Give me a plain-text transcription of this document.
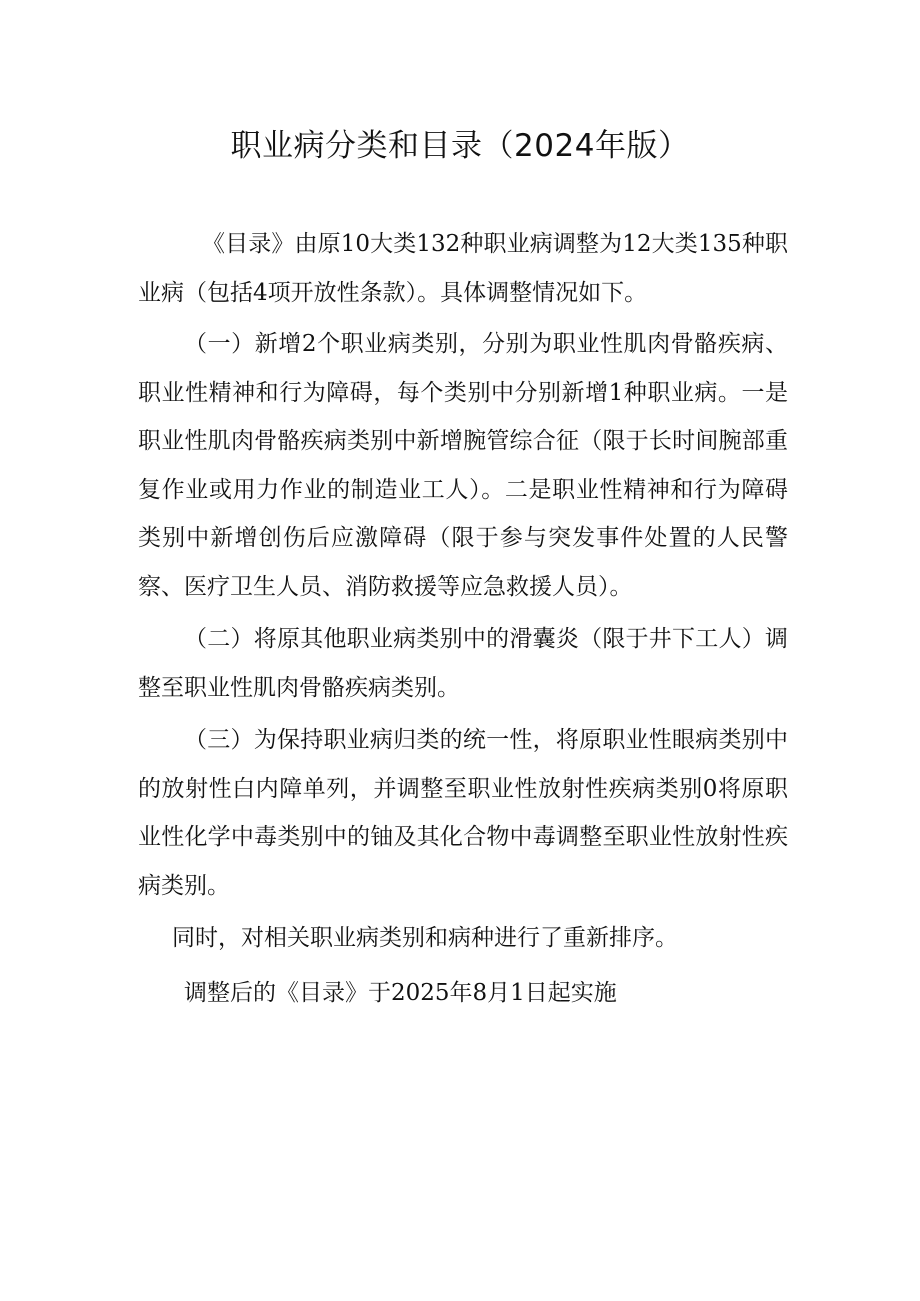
职业病分类和目录（2024年版）

《目录》由原10大类132种职业病调整为12大类135种职业病（包括4项开放性条款）。具体调整情况如下。

（一）新增2个职业病类别，分别为职业性肌肉骨骼疾病、职业性精神和行为障碍，每个类别中分别新增1种职业病。一是职业性肌肉骨骼疾病类别中新增腕管综合征（限于长时间腕部重复作业或用力作业的制造业工人）。二是职业性精神和行为障碍类别中新增创伤后应激障碍（限于参与突发事件处置的人民警察、医疗卫生人员、消防救援等应急救援人员）。

（二）将原其他职业病类别中的滑囊炎（限于井下工人）调整至职业性肌肉骨骼疾病类别。

（三）为保持职业病归类的统一性，将原职业性眼病类别中的放射性白内障单列，并调整至职业性放射性疾病类别0将原职业性化学中毒类别中的铀及其化合物中毒调整至职业性放射性疾病类别。

同时，对相关职业病类别和病种进行了重新排序。

调整后的《目录》于2025年8月1日起实施
